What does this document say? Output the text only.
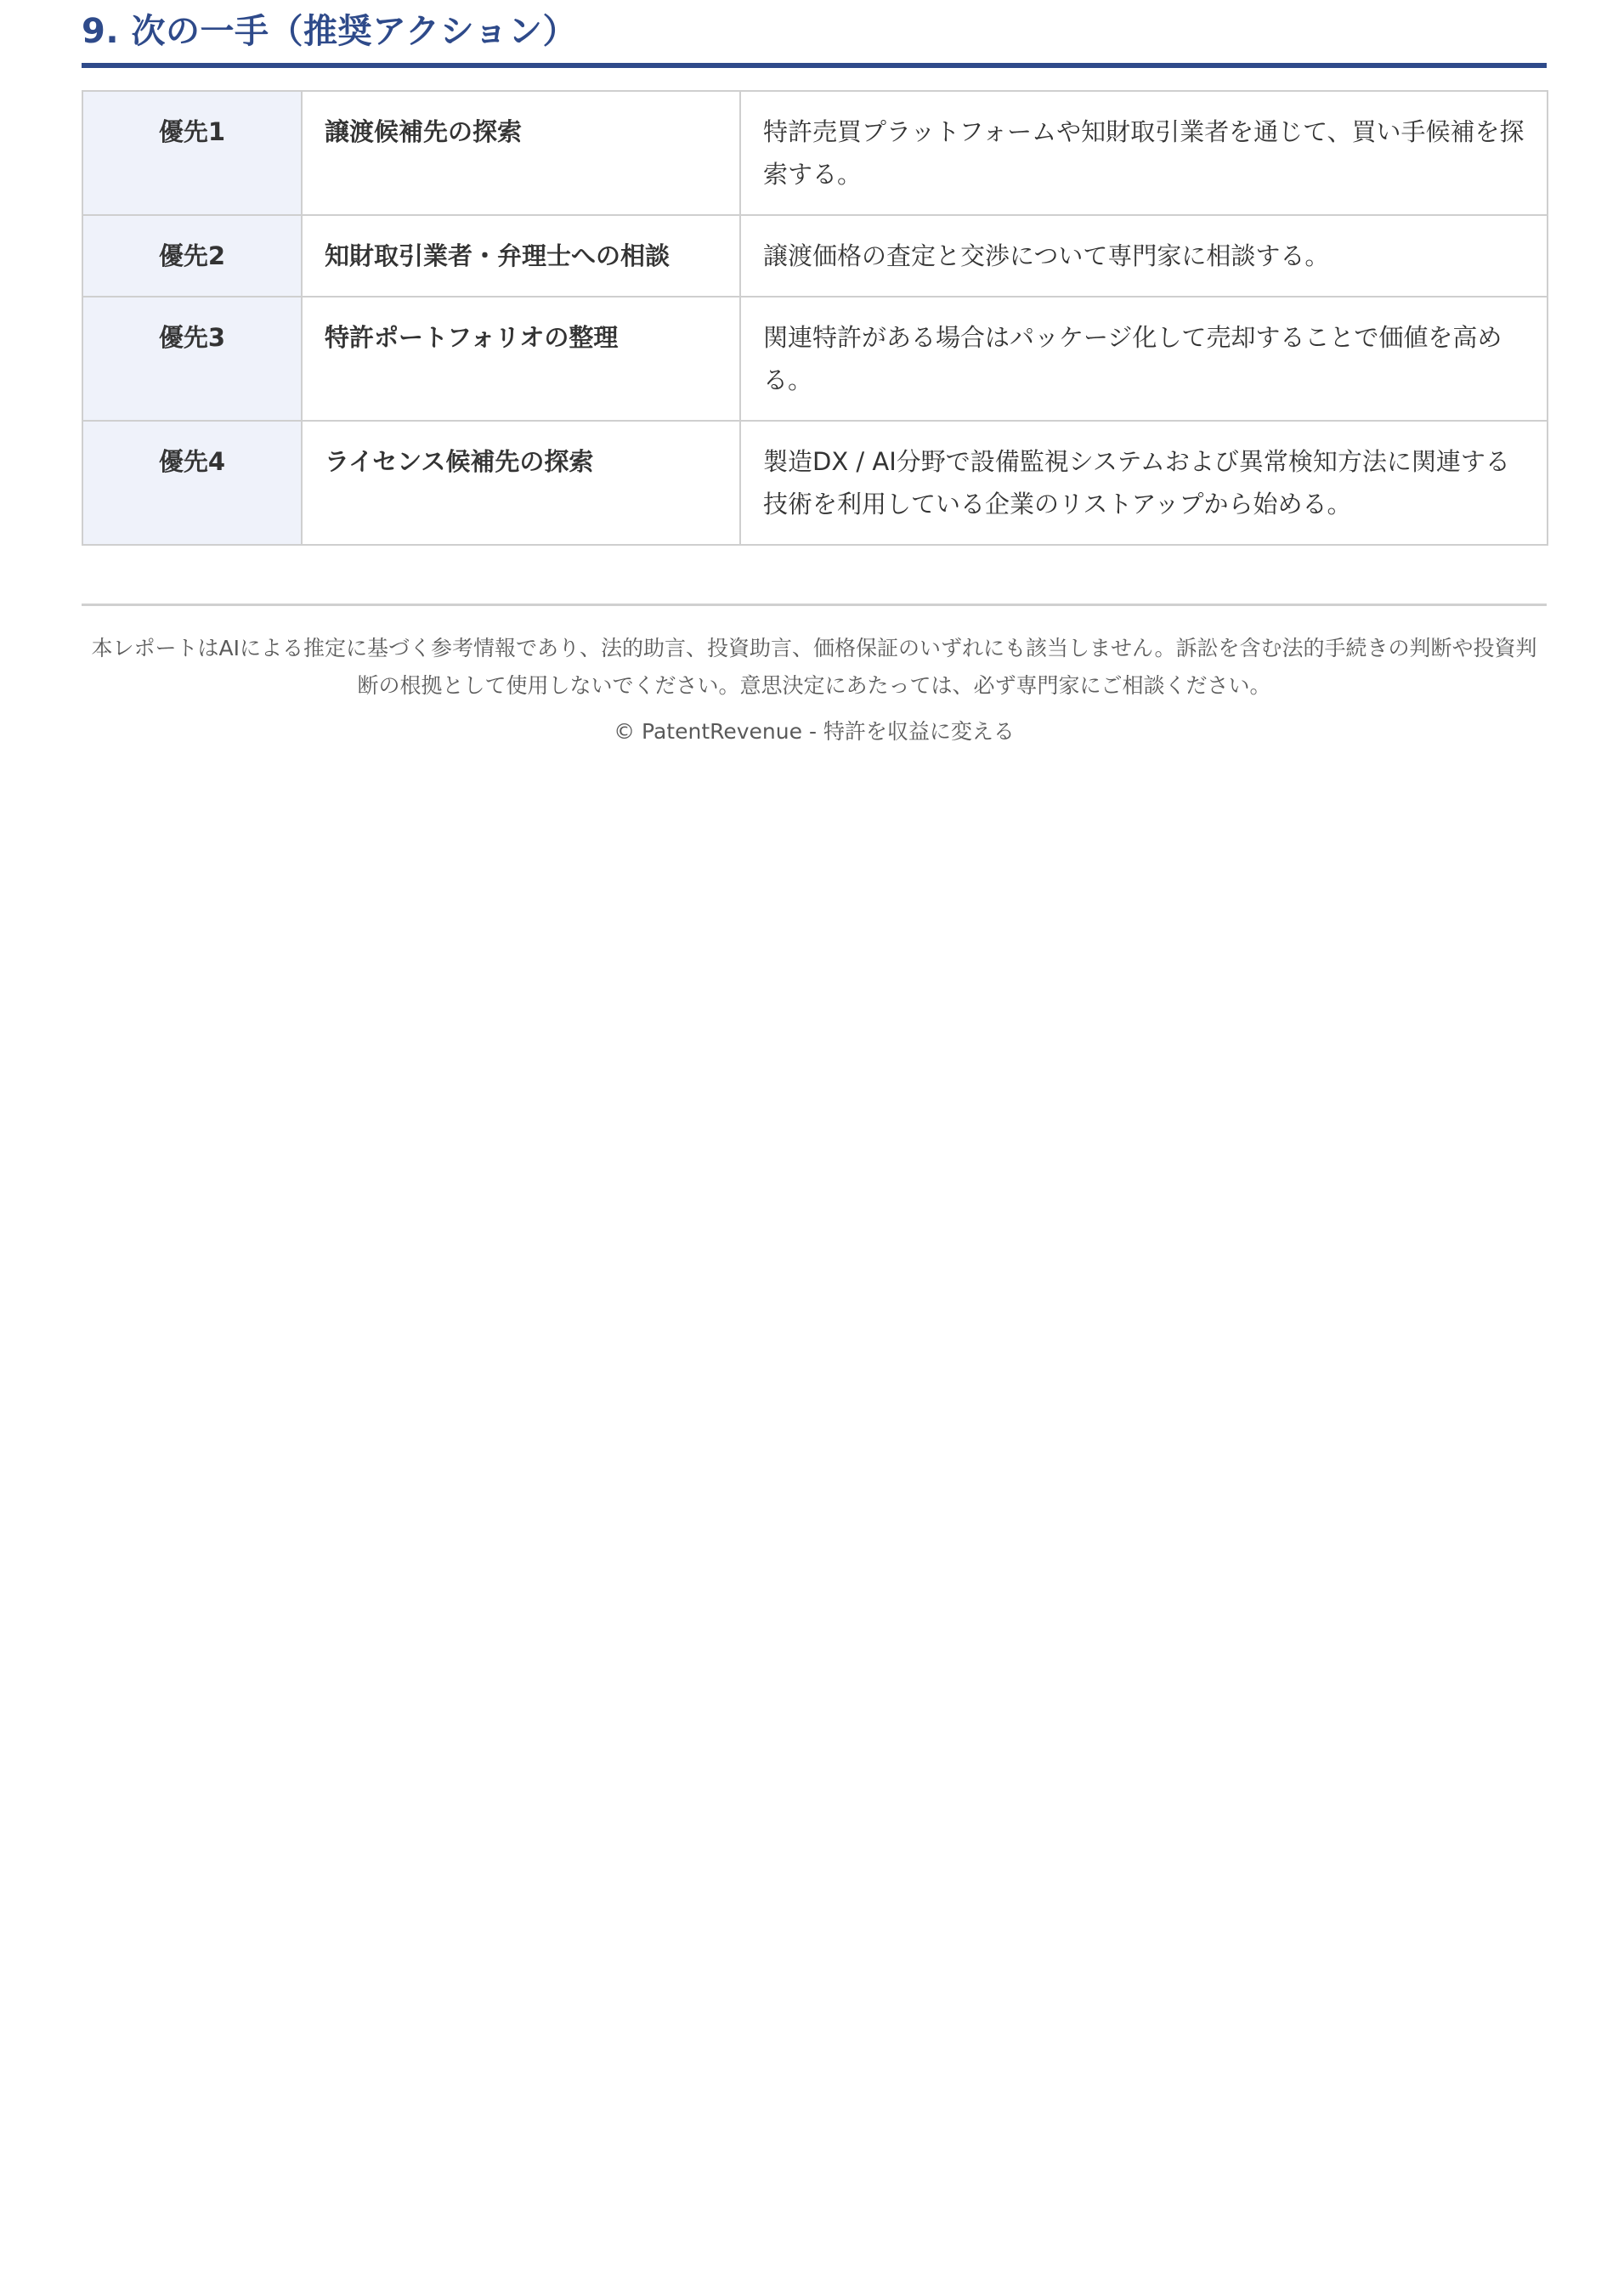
9. 次の一手（推奨アクション）
優先1	譲渡候補先の探索	特許売買プラットフォームや知財取引業者を通じて、買い手候補を探索する。
優先2	知財取引業者・弁理士への相談	譲渡価格の査定と交渉について専門家に相談する。
優先3	特許ポートフォリオの整理	関連特許がある場合はパッケージ化して売却することで価値を高める。
優先4	ライセンス候補先の探索	製造DX / AI分野で設備監視システムおよび異常検知方法に関連する技術を利用している企業のリストアップから始める。

本レポートはAIによる推定に基づく参考情報であり、法的助言、投資助言、価格保証のいずれにも該当しません。訴訟を含む法的手続きの判断や投資判断の根拠として使用しないでください。意思決定にあたっては、必ず専門家にご相談ください。

© PatentRevenue - 特許を収益に変える
